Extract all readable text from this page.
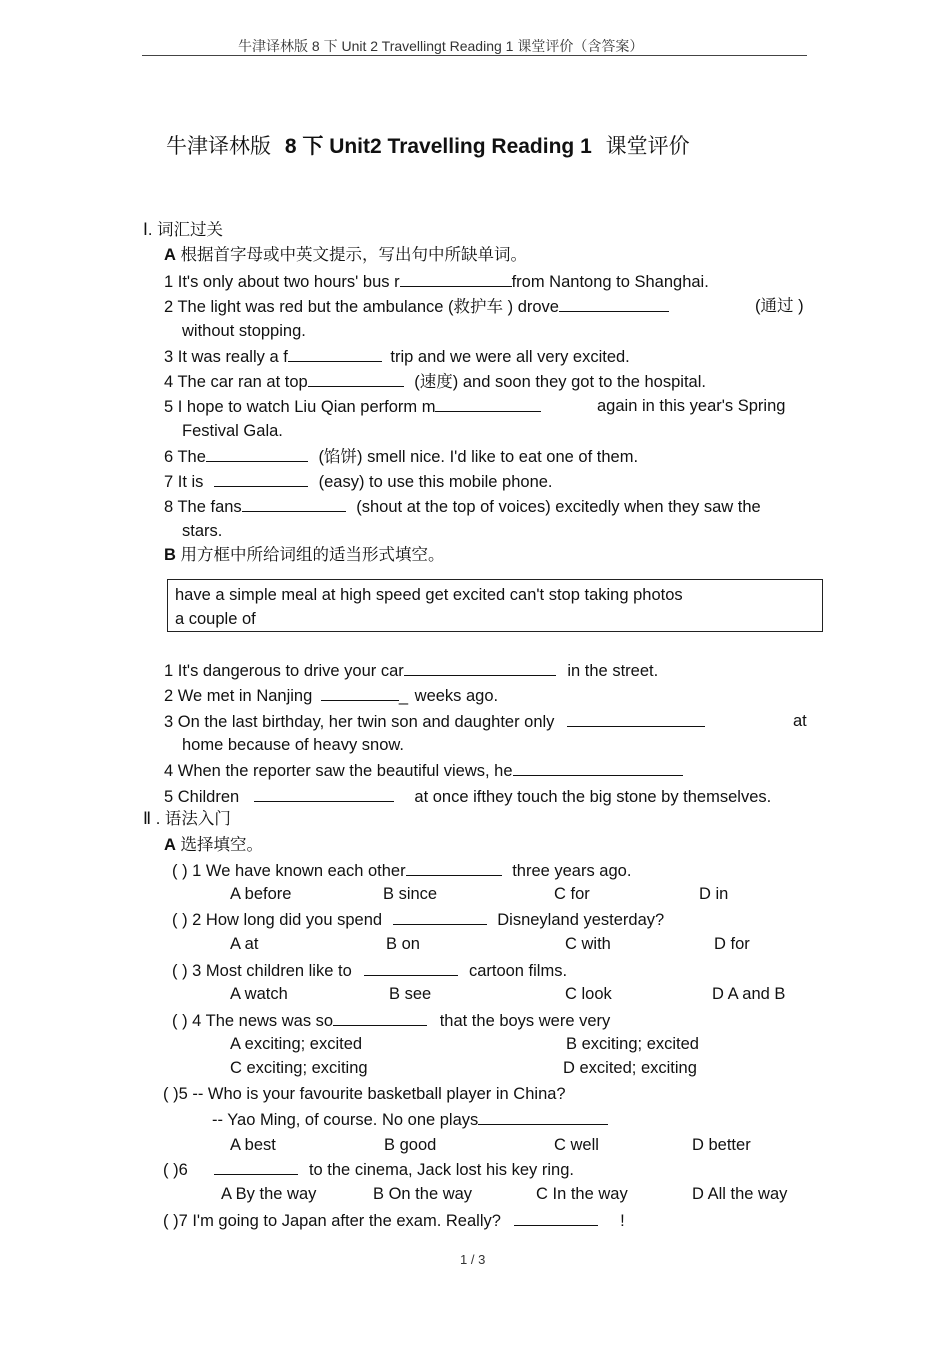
牛津译林版 8 下 Unit 2 Travellingt Reading 1 课堂评价（含答案）
牛津译林版 8 下 Unit2 Travelling Reading 1 课堂评价
Ⅰ. 词汇过关
A 根据首字母或中英文提示，写出句中所缺单词。
1 It's only about two hours' bus r	from Nantong to Shanghai.
2 The light was red but the ambulance (救护车 ) drove	(通过 )
without stopping.
3 It was really a f	trip and we were all very excited.
4 The car ran at top	(速度) and soon they got to the hospital.
5 I hope to watch Liu Qian perform m	again in this year's Spring
Festival Gala.
6 The	(馅饼) smell nice. I'd like to eat one of them.
7 It is	(easy) to use this mobile phone.
8 The fans	(shout at the top of voices) excitedly when they saw the
stars.
B 用方框中所给词组的适当形式填空。
have a simple meal at high speed get excited can't stop taking photos
a couple of
1 It's dangerous to drive your car	in the street.
2 We met in Nanjing	_ weeks ago.
3 On the last birthday, her twin son and daughter only	at
home because of heavy snow.
4 When the reporter saw the beautiful views, he
5 Children	at once ifthey touch the big stone by themselves.
Ⅱ . 语法入门
A 选择填空。
( ) 1 We have known each other	three years ago.
A before	B since	C for	D in
( ) 2 How long did you spend	Disneyland yesterday?
A at	B on	C with	D for
( ) 3 Most children like to	cartoon films.
A watch	B see	C look	D A and B
( ) 4 The news was so	that the boys were very
A exciting; excited	B exciting; excited
C exciting; exciting	D excited; exciting
( )5 -- Who is your favourite basketball player in China?
-- Yao Ming, of course. No one plays
A best	B good	C well	D better
( )6	to the cinema, Jack lost his key ring.
A By the way	B On the way	C In the way	D All the way
( )7 I'm going to Japan after the exam. Really?	!
1 / 3
